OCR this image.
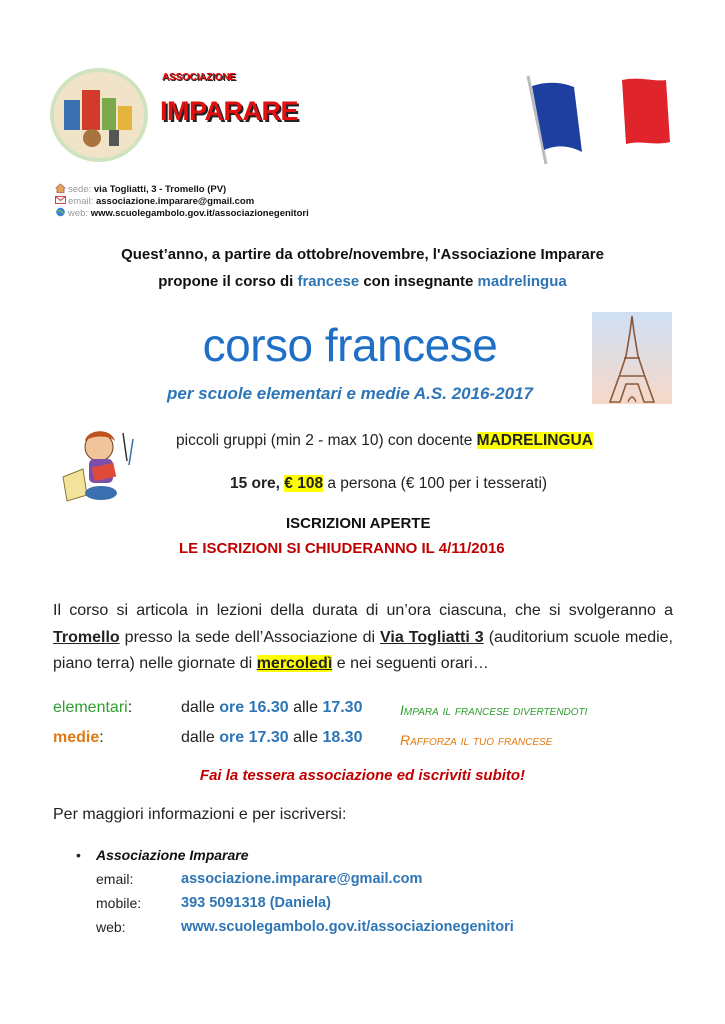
ASSOCIAZIONE
IMPARARE
sede: via Togliatti, 3 - Tromello (PV)
email: associazione.imparare@gmail.com
web: www.scuolegambolo.gov.it/associazionegenitori
Quest’anno, a partire da ottobre/novembre, l'Associazione Imparare
propone il corso di francese con insegnante madrelingua
corso francese
per scuole elementari e medie A.S. 2016-2017
piccoli gruppi (min 2 - max 10) con docente MADRELINGUA
15 ore, € 108 a persona (€ 100 per i tesserati)
ISCRIZIONI APERTE
LE ISCRIZIONI SI CHIUDERANNO IL 4/11/2016
Il corso si articola in lezioni della durata di un’ora ciascuna, che si svolgeranno a Tromello presso la sede dell’Associazione di Via Togliatti 3 (auditorium scuole medie, piano terra) nelle giornate di mercoledì e nei seguenti orari…
elementari:	dalle ore 16.30 alle 17.30	Impara il francese divertendoti
medie:	dalle ore 17.30 alle 18.30	Rafforza il tuo francese
Fai la tessera associazione ed iscriviti subito!
Per maggiori informazioni e per iscriversi:
• Associazione Imparare
email:	associazione.imparare@gmail.com
mobile:	393 5091318 (Daniela)
web:	www.scuolegambolo.gov.it/associazionegenitori
